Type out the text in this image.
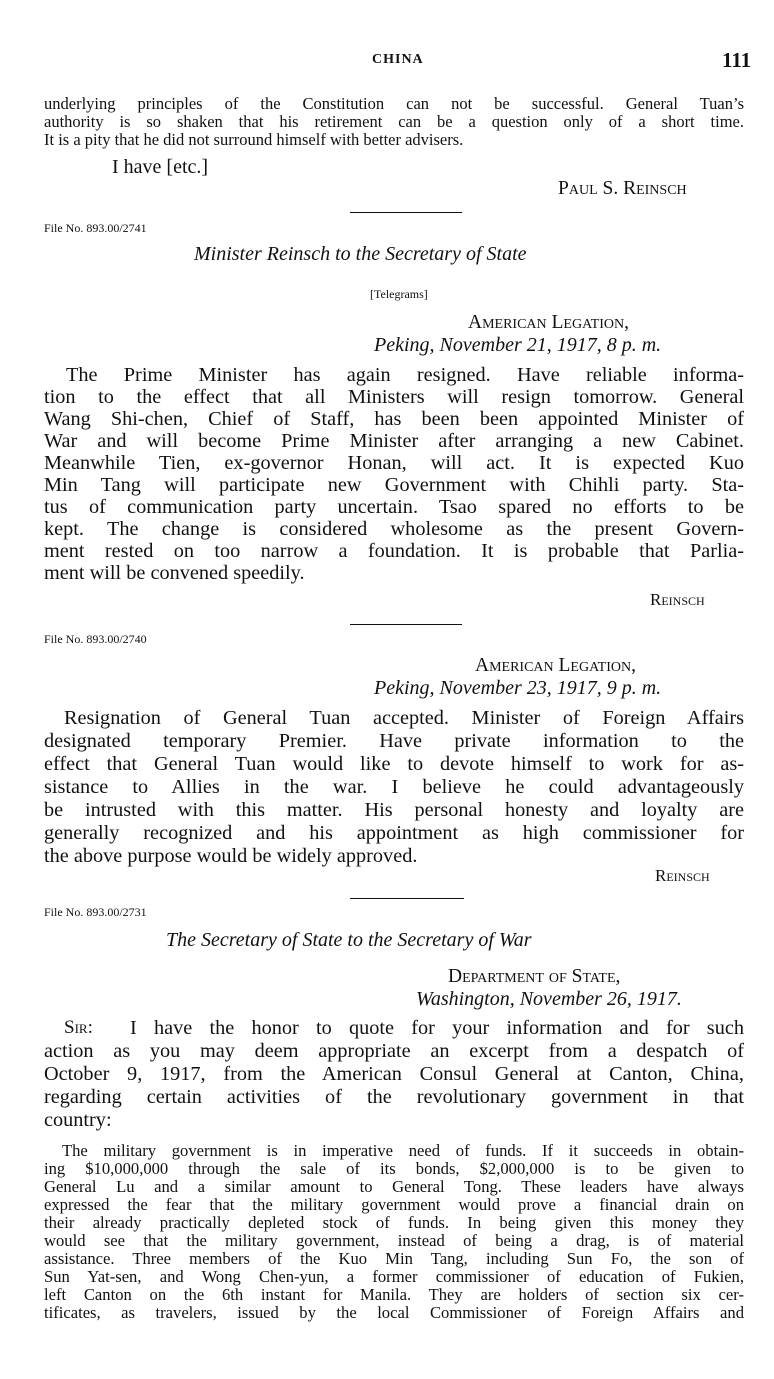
CHINA	111
underlying principles of the Constitution can not be successful. General Tuan’s
authority is so shaken that his retirement can be a question only of a short time.
It is a pity that he did not surround himself with better advisers.
I have [etc.]
Paul S. Reinsch
File No. 893.00/2741
Minister Reinsch to the Secretary of State
[Telegrams]
American Legation,
Peking, November 21, 1917, 8 p. m.
The Prime Minister has again resigned. Have reliable informa-
tion to the effect that all Ministers will resign tomorrow. General
Wang Shi-chen, Chief of Staff, has been been appointed Minister of
War and will become Prime Minister after arranging a new Cabinet.
Meanwhile Tien, ex-governor Honan, will act. It is expected Kuo
Min Tang will participate new Government with Chihli party. Sta-
tus of communication party uncertain. Tsao spared no efforts to be
kept. The change is considered wholesome as the present Govern-
ment rested on too narrow a foundation. It is probable that Parlia-
ment will be convened speedily.
Reinsch
File No. 893.00/2740
American Legation,
Peking, November 23, 1917, 9 p. m.
Resignation of General Tuan accepted. Minister of Foreign Affairs
designated temporary Premier. Have private information to the
effect that General Tuan would like to devote himself to work for as-
sistance to Allies in the war. I believe he could advantageously
be intrusted with this matter. His personal honesty and loyalty are
generally recognized and his appointment as high commissioner for
the above purpose would be widely approved.
Reinsch
File No. 893.00/2731
The Secretary of State to the Secretary of War
Department of State,
Washington, November 26, 1917.
Sir: I have the honor to quote for your information and for such
action as you may deem appropriate an excerpt from a despatch of
October 9, 1917, from the American Consul General at Canton, China,
regarding certain activities of the revolutionary government in that
country:
The military government is in imperative need of funds. If it succeeds in obtain-
ing $10,000,000 through the sale of its bonds, $2,000,000 is to be given to
General Lu and a similar amount to General Tong. These leaders have always
expressed the fear that the military government would prove a financial drain on
their already practically depleted stock of funds. In being given this money they
would see that the military government, instead of being a drag, is of material
assistance. Three members of the Kuo Min Tang, including Sun Fo, the son of
Sun Yat-sen, and Wong Chen-yun, a former commissioner of education of Fukien,
left Canton on the 6th instant for Manila. They are holders of section six cer-
tificates, as travelers, issued by the local Commissioner of Foreign Affairs and
